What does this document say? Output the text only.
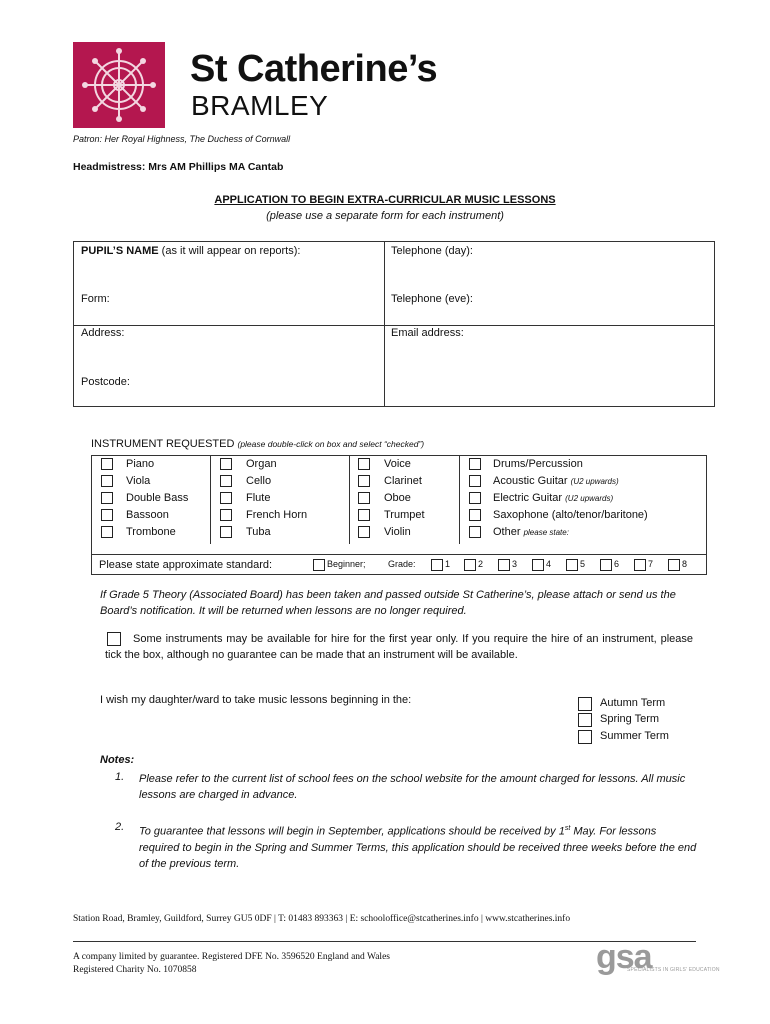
St Catherine’s
BRAMLEY
Patron: Her Royal Highness, The Duchess of Cornwall
Headmistress: Mrs AM Phillips MA Cantab
APPLICATION TO BEGIN EXTRA-CURRICULAR MUSIC LESSONS
(please use a separate form for each instrument)
PUPIL’S NAME (as it will appear on reports):	Telephone (day):
Form:	Telephone (eve):
Address:	Email address:
Postcode:
INSTRUMENT REQUESTED (please double-click on box and select “checked”)
Piano	Organ	Voice	Drums/Percussion
Viola	Cello	Clarinet	Acoustic Guitar (U2 upwards)
Double Bass	Flute	Oboe	Electric Guitar (U2 upwards)
Bassoon	French Horn	Trumpet	Saxophone (alto/tenor/baritone)
Trombone	Tuba	Violin	Other please state:
Please state approximate standard:	Beginner; Grade:	1	2	3	4	5	6	7	8
If Grade 5 Theory (Associated Board) has been taken and passed outside St Catherine’s, please attach or send us the Board’s notification. It will be returned when lessons are no longer required.
Some instruments may be available for hire for the first year only. If you require the hire of an instrument, please tick the box, although no guarantee can be made that an instrument will be available.
I wish my daughter/ward to take music lessons beginning in the:	Autumn Term
Spring Term
Summer Term
Notes:
1. Please refer to the current list of school fees on the school website for the amount charged for lessons. All music lessons are charged in advance.
2. To guarantee that lessons will begin in September, applications should be received by 1st May. For lessons required to begin in the Spring and Summer Terms, this application should be received three weeks before the end of the previous term.
Station Road, Bramley, Guildford, Surrey GU5 0DF | T: 01483 893363 | E: schooloffice@stcatherines.info | www.stcatherines.info
A company limited by guarantee. Registered DFE No. 3596520 England and Wales
Registered Charity No. 1070858	gsa
SPECIALISTS IN GIRLS' EDUCATION
